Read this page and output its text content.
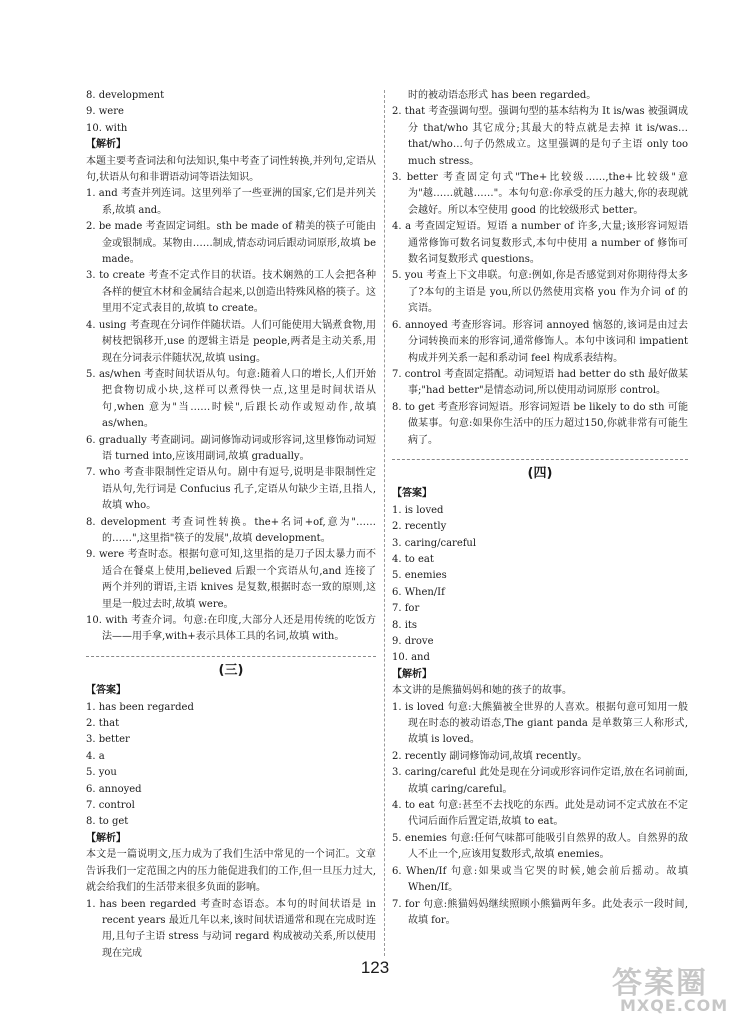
8. development
9. were
10. with
【解析】
本题主要考查词法和句法知识,集中考查了词性转换,并列句,定语从句,状语从句和非谓语动词等语法知识。
1. and 考查并列连词。这里列举了一些亚洲的国家,它们是并列关系,故填 and。
2. be made 考查固定词组。sth be made of 精美的筷子可能由金或银制成。某物由……制成,情态动词后跟动词原形,故填 be made。
3. to create 考查不定式作目的状语。技术娴熟的工人会把各种各样的便宜木材和金属结合起来,以创造出特殊风格的筷子。这里用不定式表目的,故填 to create。
4. using 考查现在分词作伴随状语。人们可能使用大锅煮食物,用树枝把锅移开,use 的逻辑主语是 people,两者是主动关系,用现在分词表示伴随状况,故填 using。
5. as/when 考查时间状语从句。句意:随着人口的增长,人们开始把食物切成小块,这样可以煮得快一点,这里是时间状语从句,when 意为"当……时候",后跟长动作或短动作,故填 as/when。
6. gradually 考查副词。副词修饰动词或形容词,这里修饰动词短语 turned into,应该用副词,故填 gradually。
7. who 考查非限制性定语从句。剧中有逗号,说明是非限制性定语从句,先行词是 Confucius 孔子,定语从句缺少主语,且指人,故填 who。
8. development 考查词性转换。the+名词+of,意为"……的……",这里指"筷子的发展",故填 development。
9. were 考查时态。根据句意可知,这里指的是刀子因太暴力而不适合在餐桌上使用,believed 后跟一个宾语从句,and 连接了两个并列的谓语,主语 knives 是复数,根据时态一致的原则,这里是一般过去时,故填 were。
10. with 考查介词。句意:在印度,大部分人还是用传统的吃饭方法——用手拿,with+表示具体工具的名词,故填 with。
(三)
【答案】
1. has been regarded
2. that
3. better
4. a
5. you
6. annoyed
7. control
8. to get
【解析】
本文是一篇说明文,压力成为了我们生活中常见的一个词汇。文章告诉我们一定范围之内的压力能促进我们的工作,但一旦压力过大,就会给我们的生活带来很多负面的影响。
1. has been regarded 考查时态语态。本句的时间状语是 in recent years 最近几年以来,该时间状语通常和现在完成时连用,且句子主语 stress 与动词 regard 构成被动关系,所以使用现在完成
时的被动语态形式 has been regarded。
2. that 考查强调句型。强调句型的基本结构为 It is/was 被强调成分 that/who 其它成分;其最大的特点就是去掉 it is/was…that/who…句子仍然成立。这里强调的是句子主语 only too much stress。
3. better 考查固定句式"The+比较级……,the+比较级"意为"越……就越……"。本句句意:你承受的压力越大,你的表现就会越好。所以本空使用 good 的比较级形式 better。
4. a 考查固定短语。短语 a number of 许多,大量;该形容词短语通常修饰可数名词复数形式,本句中使用 a number of 修饰可数名词复数形式 questions。
5. you 考查上下文串联。句意:例如,你是否感觉到对你期待得太多了?本句的主语是 you,所以仍然使用宾格 you 作为介词 of 的宾语。
6. annoyed 考查形容词。形容词 annoyed 恼怒的,该词是由过去分词转换而来的形容词,通常修饰人。本句中该词和 impatient 构成并列关系一起和系动词 feel 构成系表结构。
7. control 考查固定搭配。动词短语 had better do sth 最好做某事;"had better"是情态动词,所以使用动词原形 control。
8. to get 考查形容词短语。形容词短语 be likely to do sth 可能做某事。句意:如果你生活中的压力超过150,你就非常有可能生病了。
(四)
【答案】
1. is loved
2. recently
3. caring/careful
4. to eat
5. enemies
6. When/If
7. for
8. its
9. drove
10. and
【解析】
本文讲的是熊猫妈妈和她的孩子的故事。
1. is loved 句意:大熊猫被全世界的人喜欢。根据句意可知用一般现在时态的被动语态,The giant panda 是单数第三人称形式,故填 is loved。
2. recently 副词修饰动词,故填 recently。
3. caring/careful 此处是现在分词或形容词作定语,放在名词前面,故填 caring/careful。
4. to eat 句意:甚至不去找吃的东西。此处是动词不定式放在不定代词后面作后置定语,故填 to eat。
5. enemies 句意:任何气味都可能吸引自然界的敌人。自然界的敌人不止一个,应该用复数形式,故填 enemies。
6. When/If 句意:如果或当它哭的时候,她会前后摇动。故填 When/If。
7. for 句意:熊猫妈妈继续照顾小熊猫两年多。此处表示一段时间,故填 for。
123	答案圈
MXQE.COM
